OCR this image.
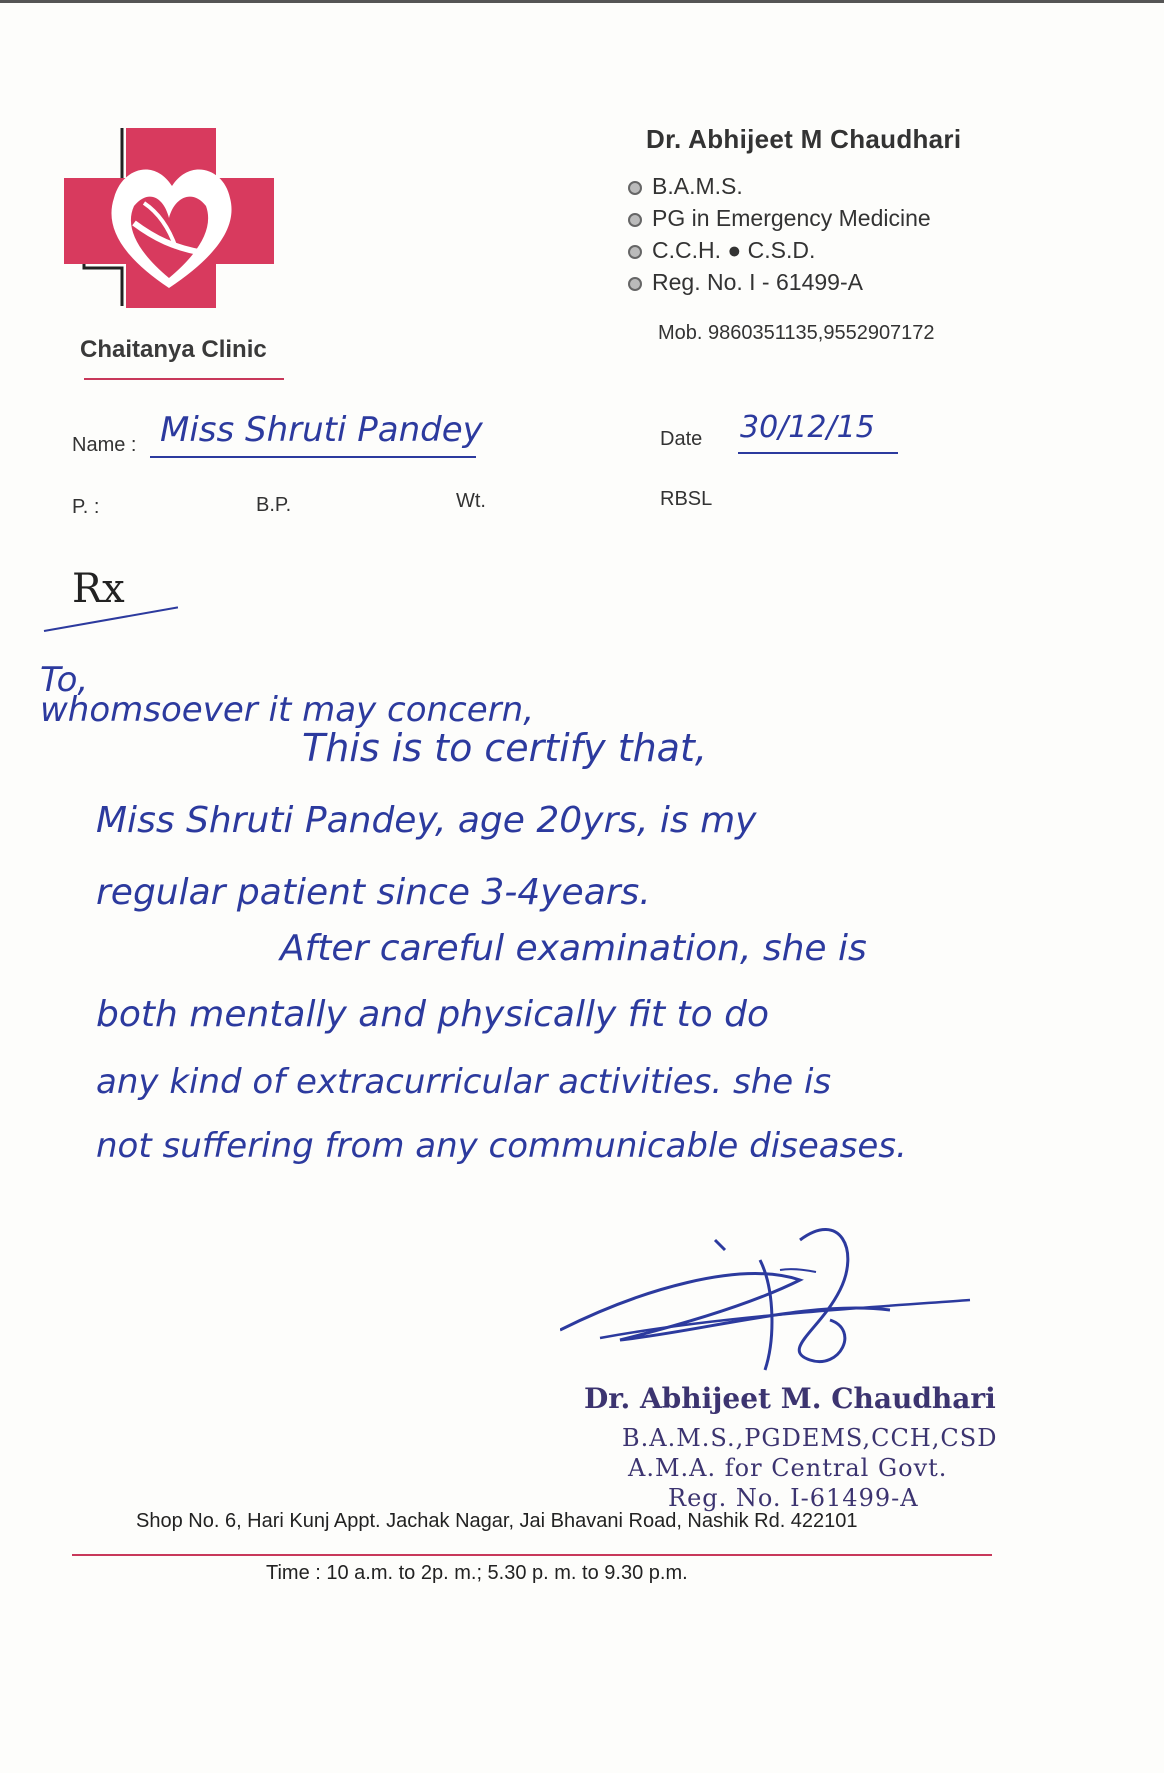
Chaitanya Clinic
Dr. Abhijeet M Chaudhari
B.A.M.S.
PG in Emergency Medicine
C.C.H. ● C.S.D.
Reg. No. I - 61499-A
Mob. 9860351135,9552907172
Name : Miss Shruti Pandey	Date 30/12/15
P. :	B.P.	Wt.	RBSL
Rx
To,
whomsoever it may concern,
This is to certify that,
Miss Shruti Pandey, age 20yrs, is my
regular patient since 3-4years.
After careful examination, she is
both mentally and physically fit to do
any kind of extracurricular activities. she is
not suffering from any communicable diseases.
Dr. Abhijeet M. Chaudhari
B.A.M.S.,PGDEMS,CCH,CSD
A.M.A. for Central Govt.
Reg. No. I-61499-A
Shop No. 6, Hari Kunj Appt. Jachak Nagar, Jai Bhavani Road, Nashik Rd. 422101
Time : 10 a.m. to 2p. m.; 5.30 p. m. to 9.30 p.m.
